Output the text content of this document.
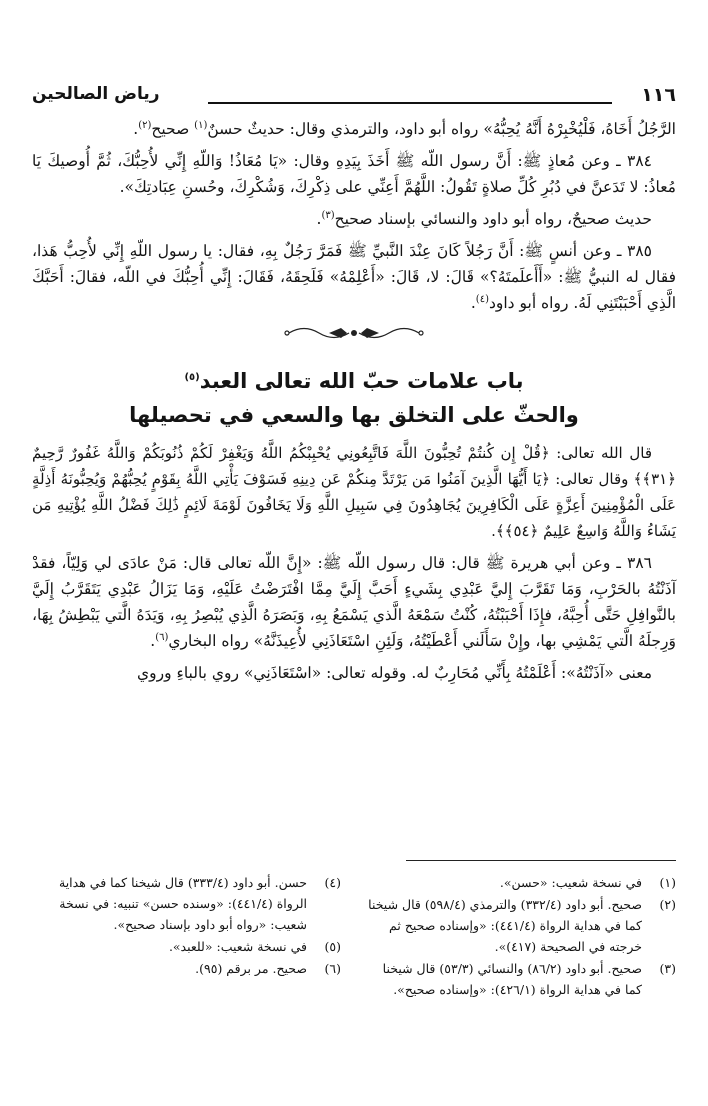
١١٦
رياض الصالحين

الرَّجُلُ أَخَاهُ، فَلْيُخْبِرْهُ أَنَّهُ يُحِبُّهُ» رواه أبو داود، والترمذي وقال: حديثٌ حسنٌ$^{(١)}$ صحيح$^{(٢)}$.

٣٨٤ ـ وعن مُعاذٍ ﷺ: أَنَّ رسول اللّه ﷺ أَخَذَ بِيَدِهِ وقال: «يَا مُعَاذُ! وَاللّهِ إِنِّي لأُحِبُّكَ، ثُمَّ أُوصيكَ يَا مُعاذُ: لا تَدَعنَّ في دُبُرِ كُلِّ صلاةٍ تَقُولُ: اللَّهُمَّ أَعِنِّي على ذِكْرِكَ، وَشُكْرِكَ، وحُسنِ عِبَادتِكَ».

حديث صحيحٌ، رواه أبو داود والنسائي بإسناد صحيح$^{(٣)}$.

٣٨٥ ـ وعن أنسٍ ﷺ: أَنَّ رَجُلاً كَانَ عِنْدَ النَّبيِّ ﷺ فَمَرَّ رَجُلٌ بِهِ، فقال: يا رسول اللّهِ إِنِّي لأُحِبُّ هَذا، فقال له النبيُّ ﷺ: «أَأَعلَمتَهُ؟» قَالَ: لا، قَالَ: «أَعْلِمْهُ» فَلَحِقَهُ، فَقَالَ: إِنِّي أُحِبُّكَ في اللّه، فقالَ: أَحَبَّكَ الَّذِي أَحْبَبْتَنِي لَهُ. رواه أبو داود$^{(٤)}$.

باب علامات حبّ الله تعالى العبد$^{(٥)}$
والحثّ على التخلق بها والسعي في تحصيلها

قال الله تعالى: ﴿قُلْ إِن كُنتُمْ تُحِبُّونَ اللَّهَ فَاتَّبِعُونِي يُحْبِبْكُمُ اللَّهُ وَيَغْفِرْ لَكُمْ ذُنُوبَكُمْ وَاللَّهُ غَفُورٌ رَّحِيمٌ ﴿٣١﴾﴾ وقال تعالى: ﴿يَا أَيُّهَا الَّذِينَ آمَنُوا مَن يَرْتَدَّ مِنكُمْ عَن دِينِهِ فَسَوْفَ يَأْتِي اللَّهُ بِقَوْمٍ يُحِبُّهُمْ وَيُحِبُّونَهُ أَذِلَّةٍ عَلَى الْمُؤْمِنِينَ أَعِزَّةٍ عَلَى الْكَافِرِينَ يُجَاهِدُونَ فِي سَبِيلِ اللَّهِ وَلَا يَخَافُونَ لَوْمَةَ لَائِمٍ ذَٰلِكَ فَضْلُ اللَّهِ يُؤْتِيهِ مَن يَشَاءُ وَاللَّهُ وَاسِعٌ عَلِيمٌ ﴿٥٤﴾﴾.

٣٨٦ ـ وعن أبي هريرة ﷺ قال: قال رسول اللّه ﷺ: «إِنَّ اللّه تعالى قال: مَنْ عادَى لي وَلِيّاً، فقدْ آذَنْتُهُ بالحَرْبِ، وَمَا تَقَرَّبَ إِليَّ عَبْدِي بِشَيءٍ أَحَبَّ إِلَيَّ مِمَّا افْتَرَضْتُ عَلَيْهِ، وَمَا يَزَالُ عَبْدِي يَتَقَرَّبُ إِلَيَّ بالنَّوافِلِ حَتَّى أُحِبَّهُ، فإِذَا أَحْبَبْتُهُ، كُنْتُ سَمْعَهُ الَّذي يَسْمَعُ بِهِ، وَبَصَرَهُ الَّذِي يُبْصِرُ بِهِ، وَيَدَهُ الَّتي يَبْطِشُ بِهَا، وَرِجلَهُ الَّتي يَمْشِي بها، وإِنْ سَأَلَني أَعْطَيْتُهُ، وَلَئِنِ اسْتَعَاذَنِي لأُعِيذَنَّهُ» رواه البخاري$^{(٦)}$.

معنى «آذَنْتُهُ»: أَعْلَمْتُهُ بِأَنِّي مُحَارِبٌ له. وقوله تعالى: «اسْتَعَاذَنِي» روي بالباءِ وروي

(١)
في نسخة شعيب: «حسن».
(٢)
صحيح. أبو داود (٣٣٢/٤) والترمذي (٥٩٨/٤) قال شيخنا كما في هداية الرواة (٤٤١/٤): «وإسناده صحيح ثم خرجته في الصحيحة (٤١٧)».
(٣)
صحيح. أبو داود (٨٦/٢) والنسائي (٥٣/٣) قال شيخنا كما في هداية الرواة (٤٢٦/١): «وإسناده صحيح».
(٤)
حسن. أبو داود (٣٣٣/٤) قال شيخنا كما في هداية الرواة (٤٤١/٤): «وسنده حسن» تنبيه: في نسخة شعيب: «رواه أبو داود بإسناد صحيح».
(٥)
في نسخة شعيب: «للعبد».
(٦)
صحيح. مر برقم (٩٥).
